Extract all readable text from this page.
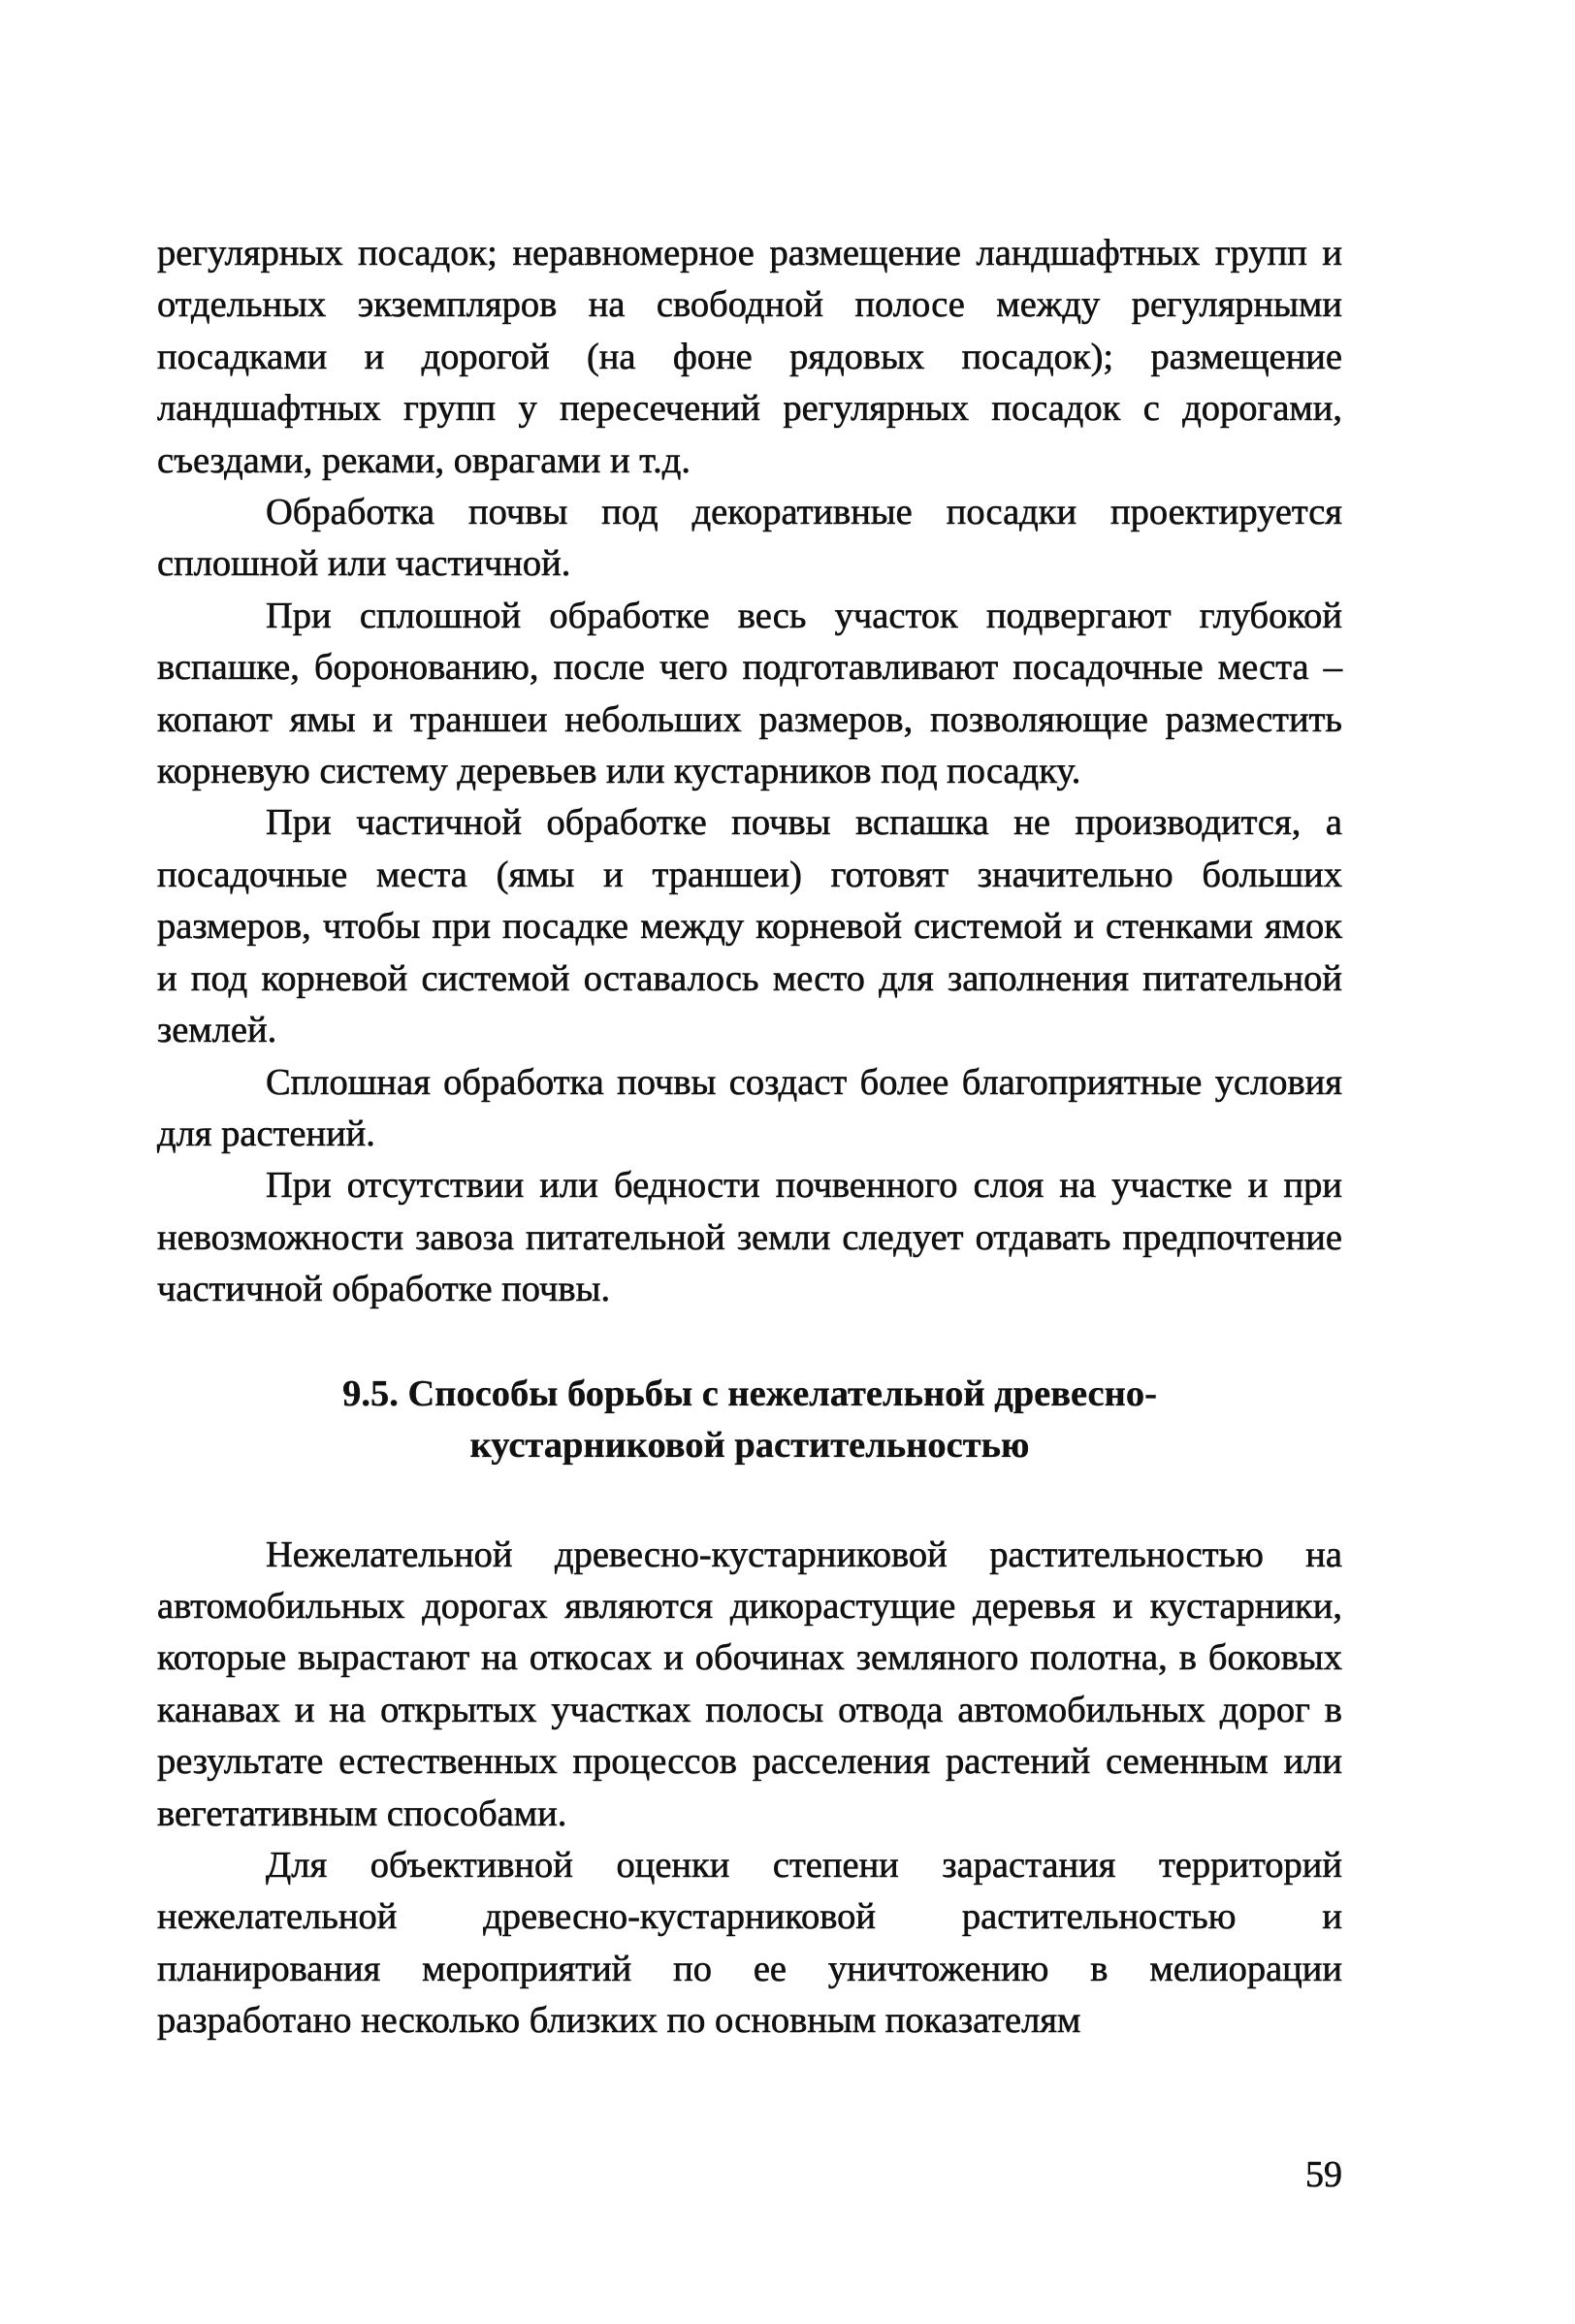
регулярных посадок; неравномерное размещение ландшафтных групп и отдельных экземпляров на свободной полосе между регулярными посадками и дорогой (на фоне рядовых посадок); размещение ландшафтных групп у пересечений регулярных посадок с дорогами, съездами, реками, оврагами и т.д.

Обработка почвы под декоративные посадки проектируется сплошной или частичной.

При сплошной обработке весь участок подвергают глубокой вспашке, боронованию, после чего подготавливают посадочные места – копают ямы и траншеи небольших размеров, позволяющие разместить корневую систему деревьев или кустарников под посадку.

При частичной обработке почвы вспашка не производится, а посадочные места (ямы и траншеи) готовят значительно больших размеров, чтобы при посадке между корневой системой и стенками ямок и под корневой системой оставалось место для заполнения питательной землей.

Сплошная обработка почвы создаст более благоприятные условия для растений.

При отсутствии или бедности почвенного слоя на участке и при невозможности завоза питательной земли следует отдавать предпочтение частичной обработке почвы.

9.5. Способы борьбы с нежелательной древесно-
кустарниковой растительностью

Нежелательной древесно-кустарниковой растительностью на автомобильных дорогах являются дикорастущие деревья и кустарники, которые вырастают на откосах и обочинах земляного полотна, в боковых канавах и на открытых участках полосы отвода автомобильных дорог в результате естественных процессов расселения растений семенным или вегетативным способами.

Для объективной оценки степени зарастания территорий нежелательной древесно-кустарниковой растительностью и планирования мероприятий по ее уничтожению в мелиорации разработано несколько близких по основным показателям

59
